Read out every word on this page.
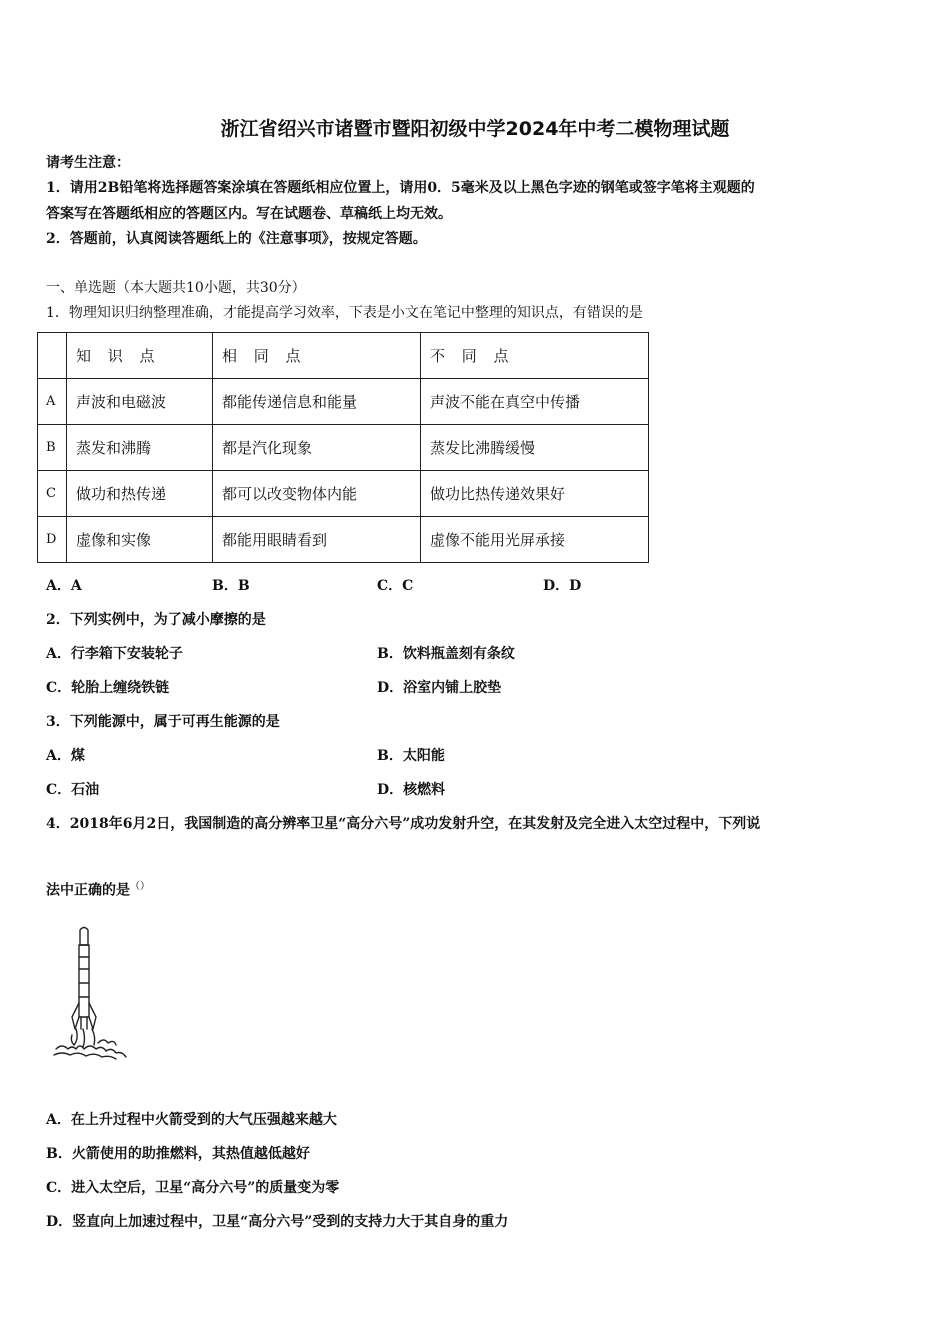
浙江省绍兴市诸暨市暨阳初级中学2024年中考二模物理试题
请考生注意：
1．请用2B铅笔将选择题答案涂填在答题纸相应位置上，请用0．5毫米及以上黑色字迹的钢笔或签字笔将主观题的
答案写在答题纸相应的答题区内。写在试题卷、草稿纸上均无效。
2．答题前，认真阅读答题纸上的《注意事项》，按规定答题。
一、单选题（本大题共10小题，共30分）
1．物理知识归纳整理准确，才能提高学习效率，下表是小文在笔记中整理的知识点，有错误的是
	知 识 点	相 同 点	不 同 点
A	声波和电磁波	都能传递信息和能量	声波不能在真空中传播
B	蒸发和沸腾	都是汽化现象	蒸发比沸腾缓慢
C	做功和热传递	都可以改变物体内能	做功比热传递效果好
D	虚像和实像	都能用眼睛看到	虚像不能用光屏承接
A．A	B．B	C．C	D．D
2．下列实例中，为了减小摩擦的是
A．行李箱下安装轮子	B．饮料瓶盖刻有条纹
C．轮胎上缠绕铁链	D．浴室内铺上胶垫
3．下列能源中，属于可再生能源的是
A．煤	B．太阳能
C．石油	D．核燃料
4．2018年6月2日，我国制造的高分辨率卫星“高分六号”成功发射升空，在其发射及完全进入太空过程中，下列说
法中正确的是（）
A．在上升过程中火箭受到的大气压强越来越大
B．火箭使用的助推燃料，其热值越低越好
C．进入太空后，卫星“高分六号”的质量变为零
D．竖直向上加速过程中，卫星“高分六号”受到的支持力大于其自身的重力
